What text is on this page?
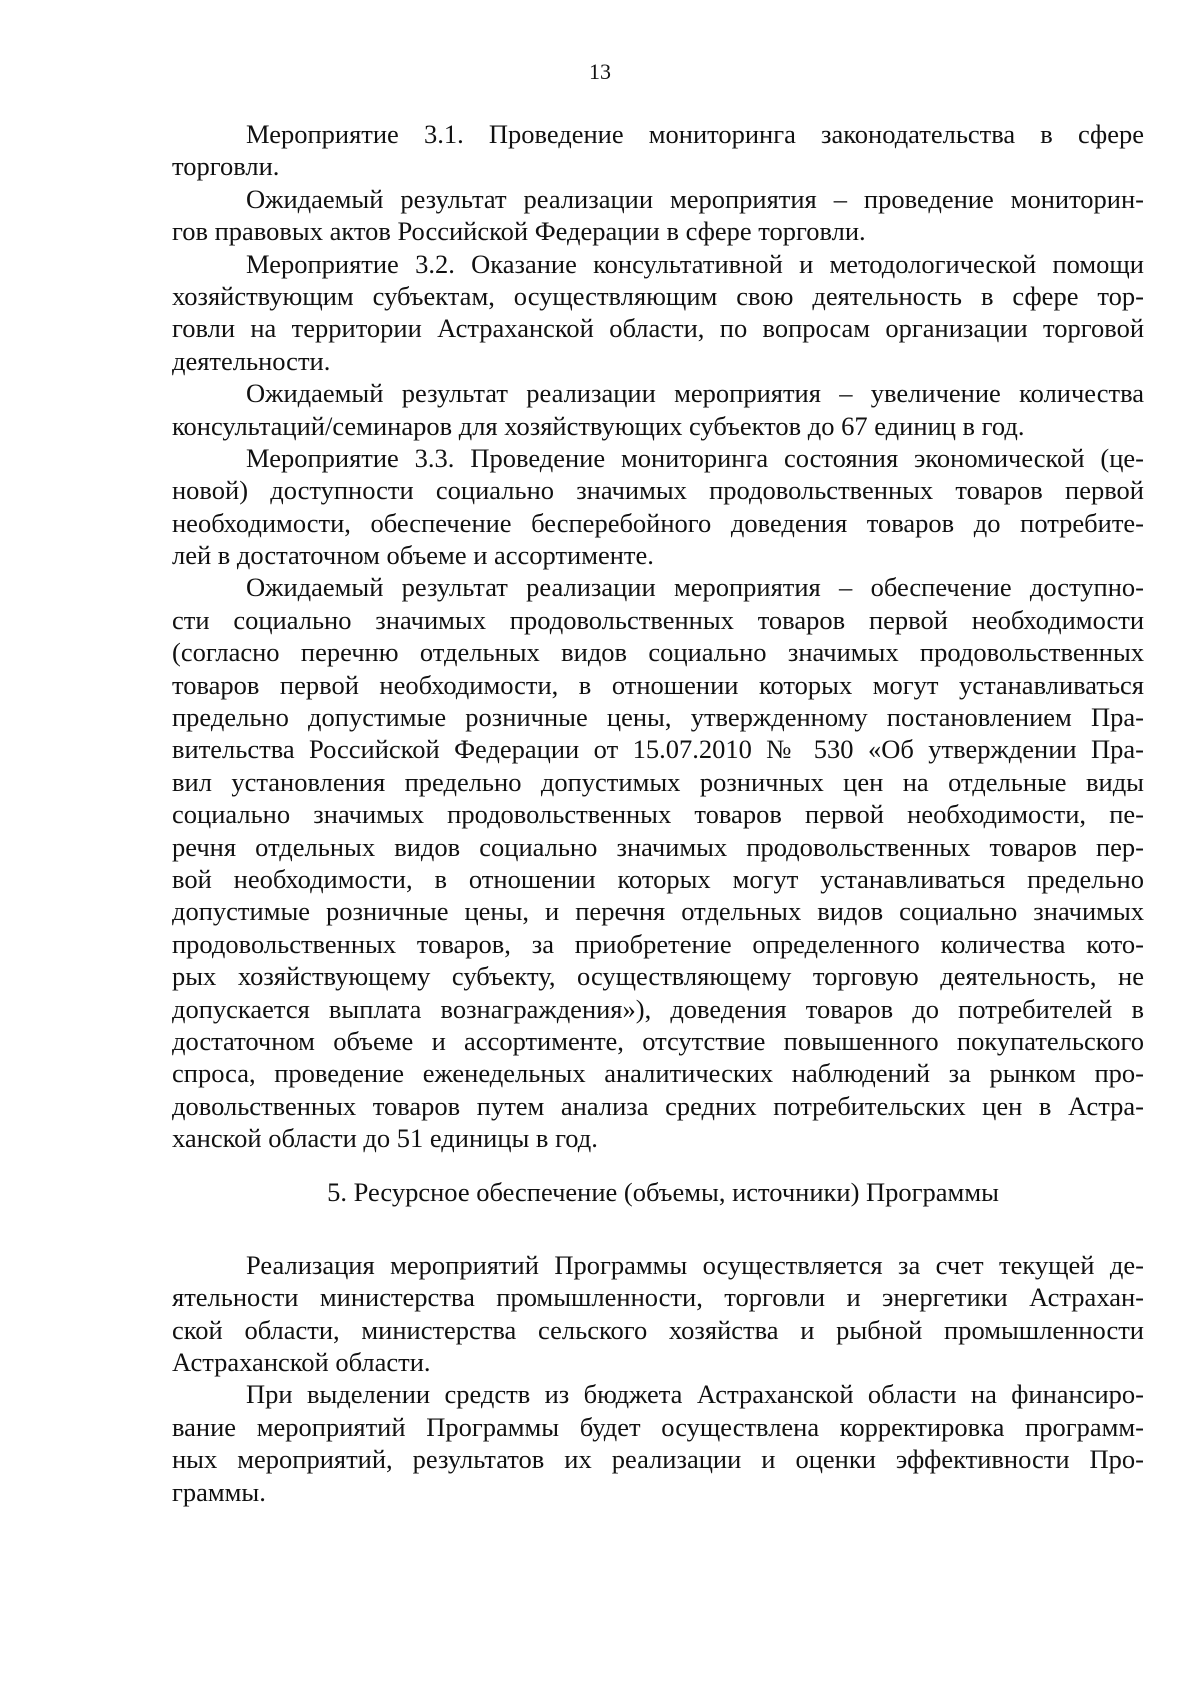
13
Мероприятие 3.1. Проведение мониторинга законодательства в сфере
торговли.
Ожидаемый результат реализации мероприятия – проведение мониторин-
гов правовых актов Российской Федерации в сфере торговли.
Мероприятие 3.2. Оказание консультативной и методологической помощи
хозяйствующим субъектам, осуществляющим свою деятельность в сфере тор-
говли на территории Астраханской области, по вопросам организации торговой
деятельности.
Ожидаемый результат реализации мероприятия – увеличение количества
консультаций/семинаров для хозяйствующих субъектов до 67 единиц в год.
Мероприятие 3.3. Проведение мониторинга состояния экономической (це-
новой) доступности социально значимых продовольственных товаров первой
необходимости, обеспечение бесперебойного доведения товаров до потребите-
лей в достаточном объеме и ассортименте.
Ожидаемый результат реализации мероприятия – обеспечение доступно-
сти социально значимых продовольственных товаров первой необходимости
(согласно перечню отдельных видов социально значимых продовольственных
товаров первой необходимости, в отношении которых могут устанавливаться
предельно допустимые розничные цены, утвержденному постановлением Пра-
вительства Российской Федерации от 15.07.2010 № 530 «Об утверждении Пра-
вил установления предельно допустимых розничных цен на отдельные виды
социально значимых продовольственных товаров первой необходимости, пе-
речня отдельных видов социально значимых продовольственных товаров пер-
вой необходимости, в отношении которых могут устанавливаться предельно
допустимые розничные цены, и перечня отдельных видов социально значимых
продовольственных товаров, за приобретение определенного количества кото-
рых хозяйствующему субъекту, осуществляющему торговую деятельность, не
допускается выплата вознаграждения»), доведения товаров до потребителей в
достаточном объеме и ассортименте, отсутствие повышенного покупательского
спроса, проведение еженедельных аналитических наблюдений за рынком про-
довольственных товаров путем анализа средних потребительских цен в Астра-
ханской области до 51 единицы в год.
5. Ресурсное обеспечение (объемы, источники) Программы
Реализация мероприятий Программы осуществляется за счет текущей де-
ятельности министерства промышленности, торговли и энергетики Астрахан-
ской области, министерства сельского хозяйства и рыбной промышленности
Астраханской области.
При выделении средств из бюджета Астраханской области на финансиро-
вание мероприятий Программы будет осуществлена корректировка программ-
ных мероприятий, результатов их реализации и оценки эффективности Про-
граммы.
